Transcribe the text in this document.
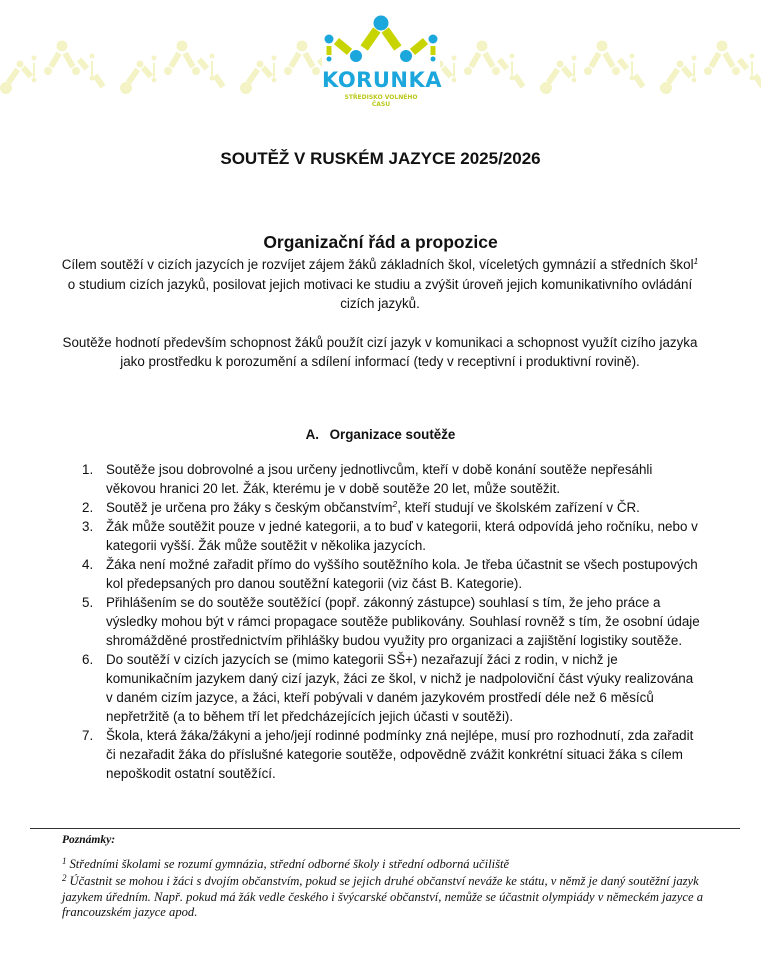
KORUNKA
STŘEDISKO VOLNÉHO
ČASU
SOUTĚŽ V RUSKÉM JAZYCE 2025/2026
Organizační řád a propozice

Cílem soutěží v cizích jazycích je rozvíjet zájem žáků základních škol, víceletých gymnázií a středních škol$^1$ o studium cizích jazyků, posilovat jejich motivaci ke studiu a zvýšit úroveň jejich komunikativního ovládání cizích jazyků.

Soutěže hodnotí především schopnost žáků použít cizí jazyk v komunikaci a schopnost využít cizího jazyka jako prostředku k porozumění a sdílení informací (tedy v receptivní i produktivní rovině).

A. Organizace soutěže
1. Soutěže jsou dobrovolné a jsou určeny jednotlivcům, kteří v době konání soutěže nepřesáhli věkovou hranici 20 let. Žák, kterému je v době soutěže 20 let, může soutěžit.
2. Soutěž je určena pro žáky s českým občanstvím$^2$, kteří studují ve školském zařízení v ČR.
3. Žák může soutěžit pouze v jedné kategorii, a to buď v kategorii, která odpovídá jeho ročníku, nebo v kategorii vyšší. Žák může soutěžit v několika jazycích.
4. Žáka není možné zařadit přímo do vyššího soutěžního kola. Je třeba účastnit se všech postupových kol předepsaných pro danou soutěžní kategorii (viz část B. Kategorie).
5. Přihlášením se do soutěže soutěžící (popř. zákonný zástupce) souhlasí s tím, že jeho práce a výsledky mohou být v rámci propagace soutěže publikovány. Souhlasí rovněž s tím, že osobní údaje shromážděné prostřednictvím přihlášky budou využity pro organizaci a zajištění logistiky soutěže.
6. Do soutěží v cizích jazycích se (mimo kategorii SŠ+) nezařazují žáci z rodin, v nichž je komunikačním jazykem daný cizí jazyk, žáci ze škol, v nichž je nadpoloviční část výuky realizována v daném cizím jazyce, a žáci, kteří pobývali v daném jazykovém prostředí déle než 6 měsíců nepřetržitě (a to během tří let předcházejících jejich účasti v soutěži).
7. Škola, která žáka/žákyni a jeho/její rodinné podmínky zná nejlépe, musí pro rozhodnutí, zda zařadit či nezařadit žáka do příslušné kategorie soutěže, odpovědně zvážit konkrétní situaci žáka s cílem nepoškodit ostatní soutěžící.
Poznámky:

$^1$ Středními školami se rozumí gymnázia, střední odborné školy i střední odborná učiliště

$^2$ Účastnit se mohou i žáci s dvojím občanstvím, pokud se jejich druhé občanství neváže ke státu, v němž je daný soutěžní jazyk jazykem úředním. Např. pokud má žák vedle českého i švýcarské občanství, nemůže se účastnit olympiády v německém jazyce a francouzském jazyce apod.
